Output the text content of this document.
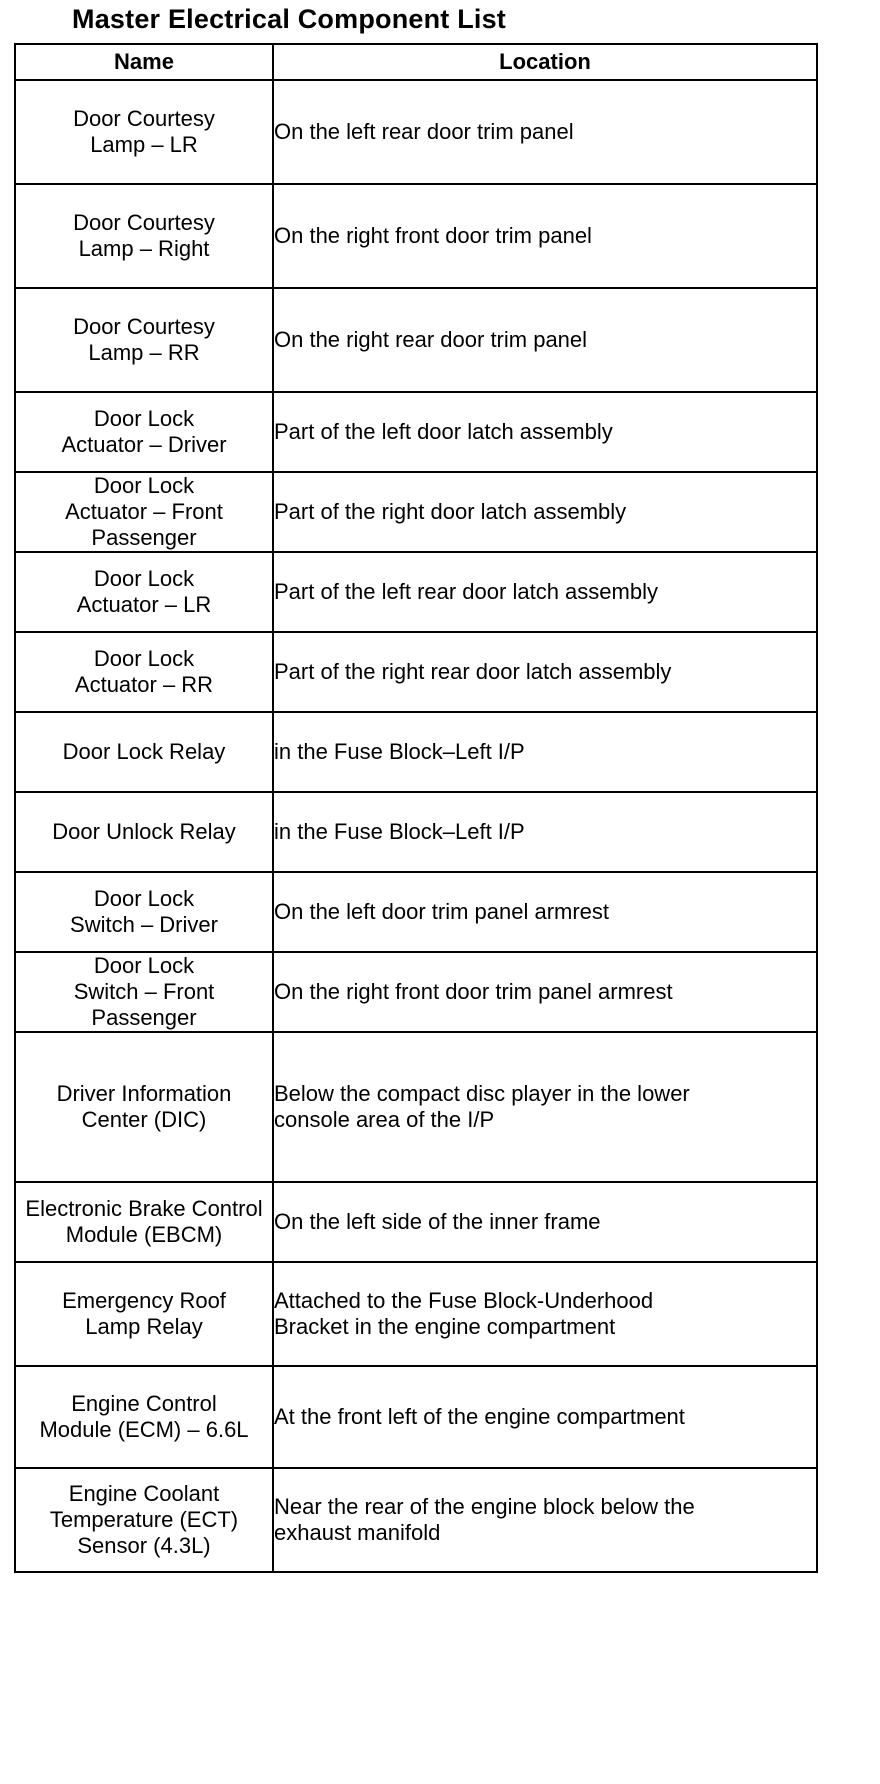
Master Electrical Component List
Name	Location

Door Courtesy
Lamp – LR	On the left rear door trim panel

Door Courtesy
Lamp – Right	On the right front door trim panel

Door Courtesy
Lamp – RR	On the right rear door trim panel

Door Lock
Actuator – Driver	Part of the left door latch assembly

Door Lock
Actuator – Front
Passenger	Part of the right door latch assembly

Door Lock
Actuator – LR	Part of the left rear door latch assembly

Door Lock
Actuator – RR	Part of the right rear door latch assembly

Door Lock Relay	in the Fuse Block–Left I/P

Door Unlock Relay	in the Fuse Block–Left I/P

Door Lock
Switch – Driver	On the left door trim panel armrest

Door Lock
Switch – Front
Passenger	On the right front door trim panel armrest

Driver Information
Center (DIC)	Below the compact disc player in the lower
console area of the I/P

Electronic Brake Control
Module (EBCM)	On the left side of the inner frame

Emergency Roof
Lamp Relay	Attached to the Fuse Block-Underhood
Bracket in the engine compartment

Engine Control
Module (ECM) – 6.6L	At the front left of the engine compartment

Engine Coolant
Temperature (ECT)
Sensor (4.3L)	Near the rear of the engine block below the
exhaust manifold
